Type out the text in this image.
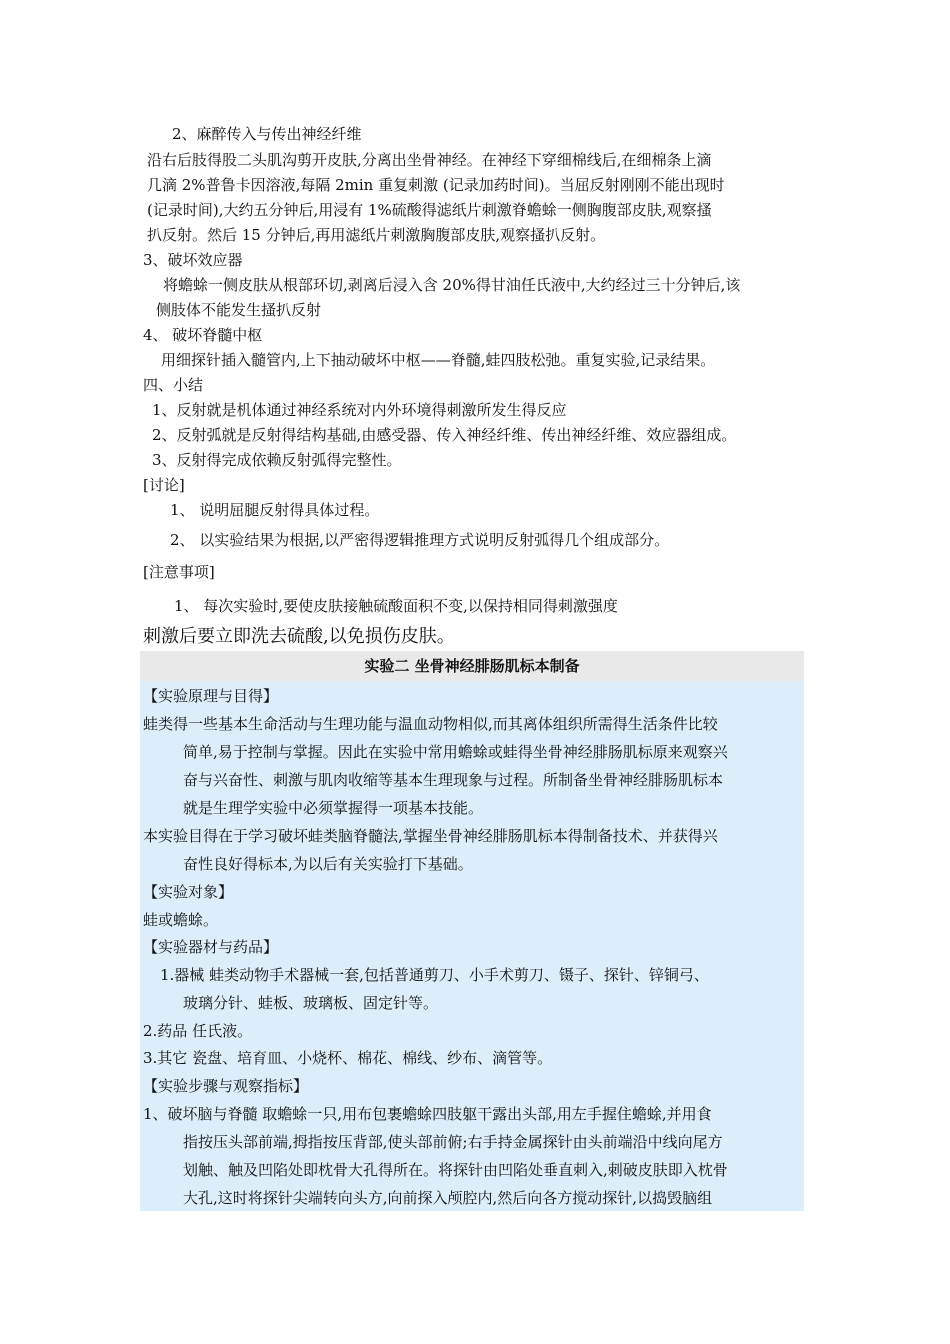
2、麻醉传入与传出神经纤维
沿右后肢得股二头肌沟剪开皮肤,分离出坐骨神经。在神经下穿细棉线后,在细棉条上滴
几滴 2%普鲁卡因溶液,每隔 2min 重复刺激 (记录加药时间)。当屈反射刚刚不能出现时
(记录时间),大约五分钟后,用浸有 1%硫酸得滤纸片刺激脊蟾蜍一侧胸腹部皮肤,观察搔
扒反射。然后 15 分钟后,再用滤纸片刺激胸腹部皮肤,观察搔扒反射。
3、破坏效应器
将蟾蜍一侧皮肤从根部环切,剥离后浸入含 20%得甘油任氏液中,大约经过三十分钟后,该
侧肢体不能发生搔扒反射
4、 破坏脊髓中枢
用细探针插入髓管内,上下抽动破坏中枢——脊髓,蛙四肢松弛。重复实验,记录结果。
四、小结
1、反射就是机体通过神经系统对内外环境得刺激所发生得反应
2、反射弧就是反射得结构基础,由感受器、传入神经纤维、传出神经纤维、效应器组成。
3、反射得完成依赖反射弧得完整性。
[讨论]
1、 说明屈腿反射得具体过程。
2、 以实验结果为根据,以严密得逻辑推理方式说明反射弧得几个组成部分。
[注意事项]
1、 每次实验时,要使皮肤接触硫酸面积不变,以保持相同得刺激强度
刺激后要立即洗去硫酸,以免损伤皮肤。
实验二 坐骨神经腓肠肌标本制备
【实验原理与目得】
蛙类得一些基本生命活动与生理功能与温血动物相似,而其离体组织所需得生活条件比较
简单,易于控制与掌握。因此在实验中常用蟾蜍或蛙得坐骨神经腓肠肌标原来观察兴
奋与兴奋性、刺激与肌肉收缩等基本生理现象与过程。所制备坐骨神经腓肠肌标本
就是生理学实验中必须掌握得一项基本技能。
本实验目得在于学习破坏蛙类脑脊髓法,掌握坐骨神经腓肠肌标本得制备技术、并获得兴
奋性良好得标本,为以后有关实验打下基础。
【实验对象】
蛙或蟾蜍。
【实验器材与药品】
1.器械 蛙类动物手术器械一套,包括普通剪刀、小手术剪刀、镊子、探针、锌铜弓、
玻璃分针、蛙板、玻璃板、固定针等。
2.药品 任氏液。
3.其它 瓷盘、培育皿、小烧杯、棉花、棉线、纱布、滴管等。
【实验步骤与观察指标】
1、破坏脑与脊髓 取蟾蜍一只,用布包裹蟾蜍四肢躯干露出头部,用左手握住蟾蜍,并用食
指按压头部前端,拇指按压背部,使头部前俯;右手持金属探针由头前端沿中线向尾方
划触、触及凹陷处即枕骨大孔得所在。将探针由凹陷处垂直刺入,刺破皮肤即入枕骨
大孔,这时将探针尖端转向头方,向前探入颅腔内,然后向各方搅动探针,以捣毁脑组
